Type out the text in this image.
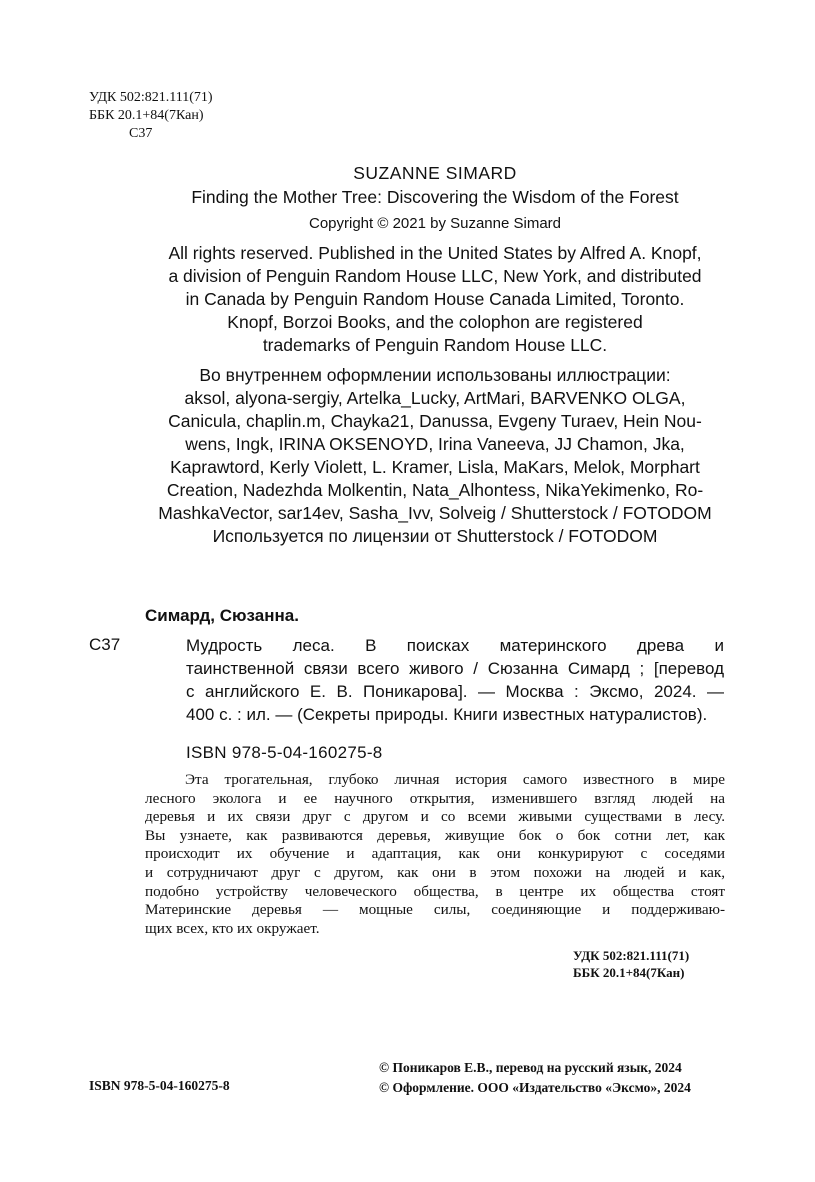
УДК 502:821.111(71)
ББК 20.1+84(7Кан)
С37
SUZANNE SIMARD
Finding the Mother Tree: Discovering the Wisdom of the Forest
Copyright © 2021 by Suzanne Simard
All rights reserved. Published in the United States by Alfred A. Knopf,
a division of Penguin Random House LLC, New York, and distributed
in Canada by Penguin Random House Canada Limited, Toronto.
Knopf, Borzoi Books, and the colophon are registered
trademarks of Penguin Random House LLC.
Во внутреннем оформлении использованы иллюстрации:
aksol, alyona-sergiy, Artelka_Lucky, ArtMari, BARVENKO OLGA,
Canicula, chaplin.m, Chayka21, Danussa, Evgeny Turaev, Hein Nou-
wens, Ingk, IRINA OKSENOYD, Irina Vaneeva, JJ Chamon, Jka,
Kaprawtord, Kerly Violett, L. Kramer, Lisla, MaKars, Melok, Morphart
Creation, Nadezhda Molkentin, Nata_Alhontess, NikaYekimenko, Ro-
MashkaVector, sar14ev, Sasha_Ivv, Solveig / Shutterstock / FOTODOM
Используется по лицензии от Shutterstock / FOTODOM
Симард, Сюзанна.
С37	Мудрость леса. В поисках материнского древа и
таинственной связи всего живого / Сюзанна Симард ; [перевод
с английского Е. В. Поникарова]. — Москва : Эксмо, 2024. —
400 с. : ил. — (Секреты природы. Книги известных натуралистов).
ISBN 978-5-04-160275-8
Эта трогательная, глубоко личная история самого известного в мире
лесного эколога и ее научного открытия, изменившего взгляд людей на
деревья и их связи друг с другом и со всеми живыми существами в лесу.
Вы узнаете, как развиваются деревья, живущие бок о бок сотни лет, как
происходит их обучение и адаптация, как они конкурируют с соседями
и сотрудничают друг с другом, как они в этом похожи на людей и как,
подобно устройству человеческого общества, в центре их общества стоят
Материнские деревья — мощные силы, соединяющие и поддерживаю-
щих всех, кто их окружает.
УДК 502:821.111(71)
ББК 20.1+84(7Кан)
© Поникаров Е.В., перевод на русский язык, 2024
© Оформление. ООО «Издательство «Эксмо», 2024
ISBN 978-5-04-160275-8
